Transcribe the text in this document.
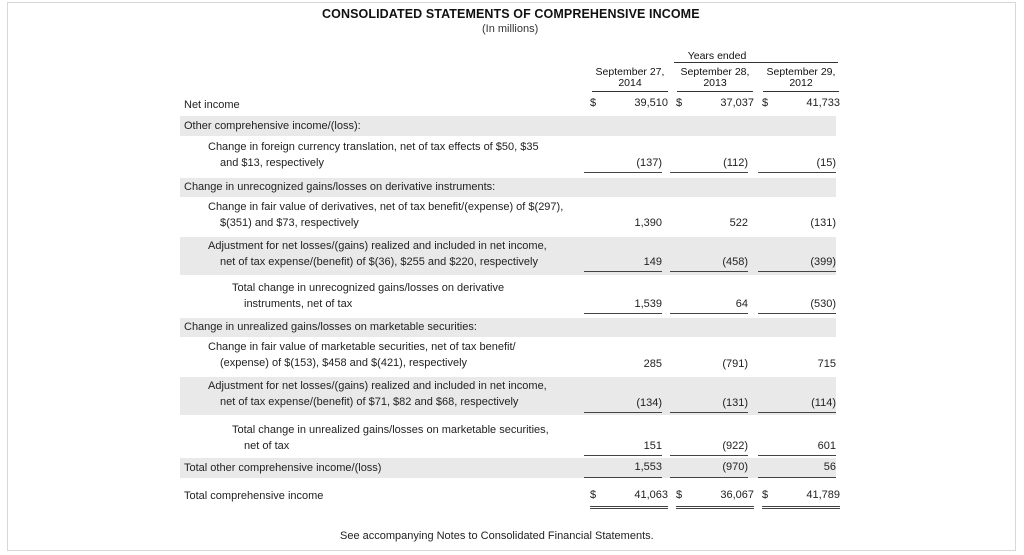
CONSOLIDATED STATEMENTS OF COMPREHENSIVE INCOME
(In millions)
Years ended
September 27,
2014
September 28,
2013
September 29,
2012
Net income	$	39,510 $	37,037 $	41,733
Other comprehensive income/(loss):
Change in foreign currency translation, net of tax effects of $50, $35
and $13, respectively	(137)	(112)	(15)
Change in unrecognized gains/losses on derivative instruments:
Change in fair value of derivatives, net of tax benefit/(expense) of $(297),
$(351) and $73, respectively	1,390	522	(131)
Adjustment for net losses/(gains) realized and included in net income,
net of tax expense/(benefit) of $(36), $255 and $220, respectively	149	(458)	(399)
Total change in unrecognized gains/losses on derivative
instruments, net of tax	1,539	64	(530)
Change in unrealized gains/losses on marketable securities:
Change in fair value of marketable securities, net of tax benefit/
(expense) of $(153), $458 and $(421), respectively	285	(791)	715
Adjustment for net losses/(gains) realized and included in net income,
net of tax expense/(benefit) of $71, $82 and $68, respectively	(134)	(131)	(114)
Total change in unrealized gains/losses on marketable securities,
net of tax	151	(922)	601
Total other comprehensive income/(loss)	1,553	(970)	56
Total comprehensive income	$	41,063 $	36,067 $	41,789
See accompanying Notes to Consolidated Financial Statements.
